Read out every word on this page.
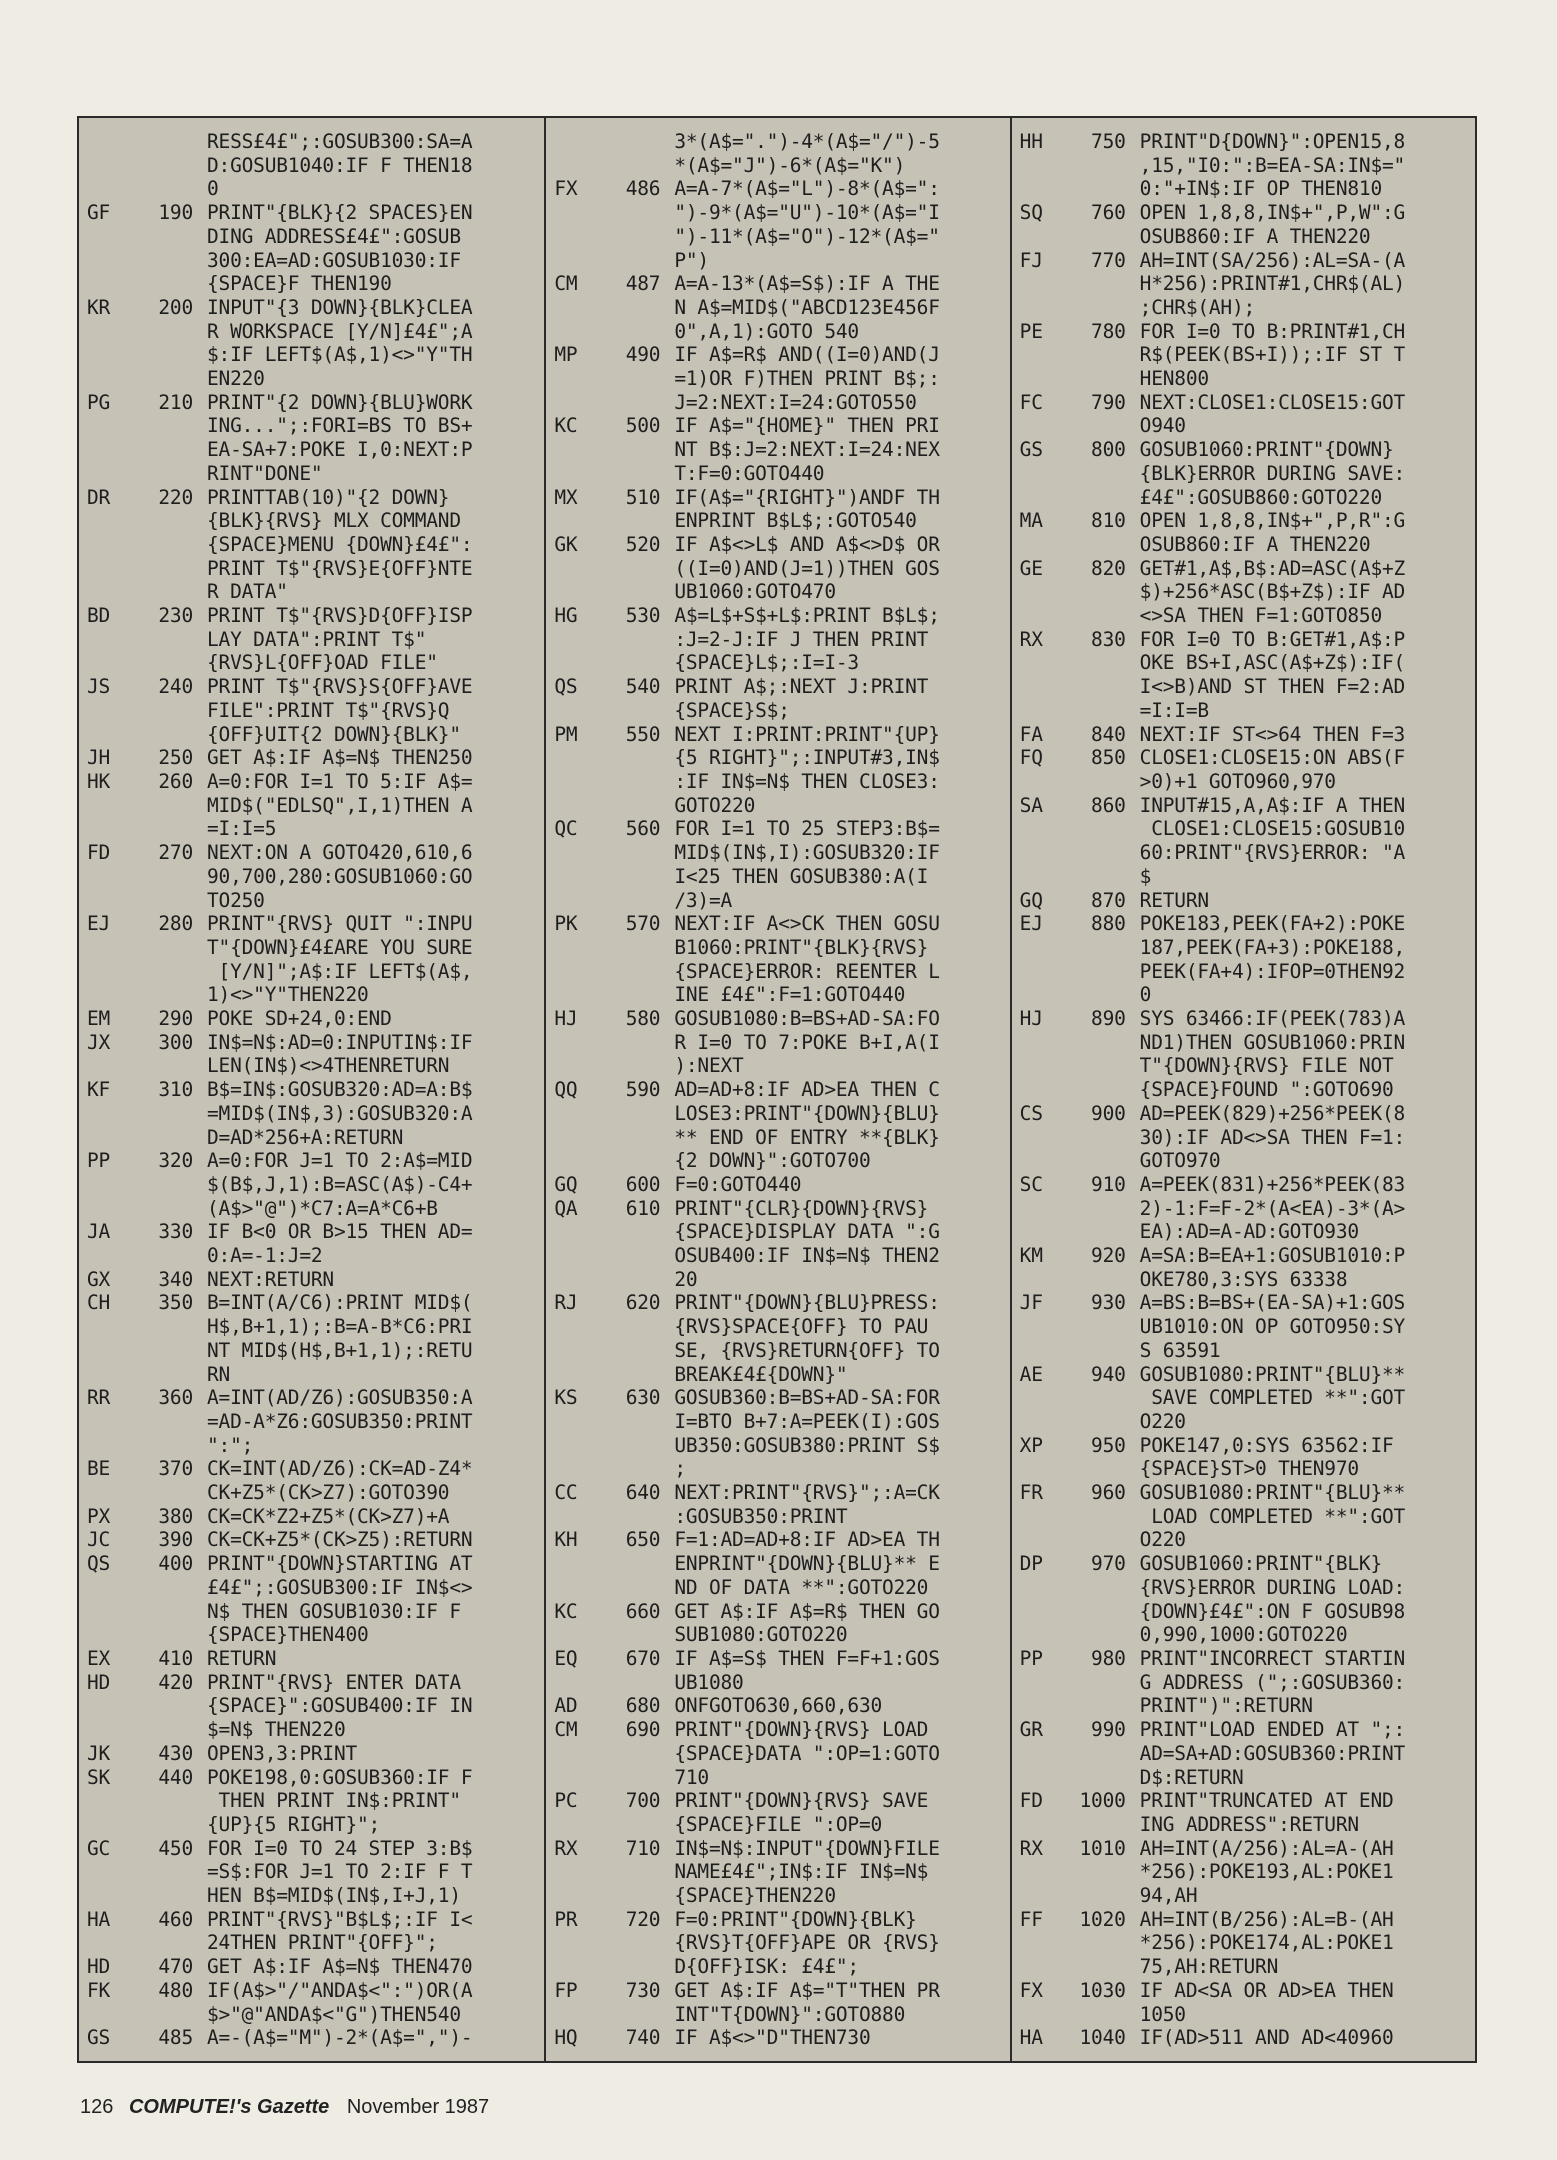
RESS£4£";:GOSUB300:SA=A
D:GOSUB1040:IF F THEN18
0
GF	190 PRINT"{BLK}{2 SPACES}EN
DING ADDRESS£4£":GOSUB
300:EA=AD:GOSUB1030:IF
{SPACE}F THEN190
KR	200 INPUT"{3 DOWN}{BLK}CLEA
R WORKSPACE [Y/N]£4£";A
$:IF LEFT$(A$,1)<>"Y"TH
EN220
PG	210 PRINT"{2 DOWN}{BLU}WORK
ING...";:FORI=BS TO BS+
EA-SA+7:POKE I,0:NEXT:P
RINT"DONE"
DR	220 PRINTTAB(10)"{2 DOWN}
{BLK}{RVS} MLX COMMAND
{SPACE}MENU {DOWN}£4£":
PRINT T$"{RVS}E{OFF}NTE
R DATA"
BD	230 PRINT T$"{RVS}D{OFF}ISP
LAY DATA":PRINT T$"
{RVS}L{OFF}OAD FILE"
JS	240 PRINT T$"{RVS}S{OFF}AVE
FILE":PRINT T$"{RVS}Q
{OFF}UIT{2 DOWN}{BLK}"
JH	250 GET A$:IF A$=N$ THEN250
HK	260 A=0:FOR I=1 TO 5:IF A$=
MID$("EDLSQ",I,1)THEN A
=I:I=5
FD	270 NEXT:ON A GOTO420,610,6
90,700,280:GOSUB1060:GO
TO250
EJ	280 PRINT"{RVS} QUIT ":INPU
T"{DOWN}£4£ARE YOU SURE
[Y/N]";A$:IF LEFT$(A$,
1)<>"Y"THEN220
EM	290 POKE SD+24,0:END
JX	300 IN$=N$:AD=0:INPUTIN$:IF
LEN(IN$)<>4THENRETURN
KF	310 B$=IN$:GOSUB320:AD=A:B$
=MID$(IN$,3):GOSUB320:A
D=AD*256+A:RETURN
PP	320 A=0:FOR J=1 TO 2:A$=MID
$(B$,J,1):B=ASC(A$)-C4+
(A$>"@")*C7:A=A*C6+B
JA	330 IF B<0 OR B>15 THEN AD=
0:A=-1:J=2
GX	340 NEXT:RETURN
CH	350 B=INT(A/C6):PRINT MID$(
H$,B+1,1);:B=A-B*C6:PRI
NT MID$(H$,B+1,1);:RETU
RN
RR	360 A=INT(AD/Z6):GOSUB350:A
=AD-A*Z6:GOSUB350:PRINT
":";
BE	370 CK=INT(AD/Z6):CK=AD-Z4*
CK+Z5*(CK>Z7):GOTO390
PX	380 CK=CK*Z2+Z5*(CK>Z7)+A
JC	390 CK=CK+Z5*(CK>Z5):RETURN
QS	400 PRINT"{DOWN}STARTING AT
£4£";:GOSUB300:IF IN$<>
N$ THEN GOSUB1030:IF F
{SPACE}THEN400
EX	410 RETURN
HD	420 PRINT"{RVS} ENTER DATA
{SPACE}":GOSUB400:IF IN
$=N$ THEN220
JK	430 OPEN3,3:PRINT
SK	440 POKE198,0:GOSUB360:IF F
THEN PRINT IN$:PRINT"
{UP}{5 RIGHT}";
GC	450 FOR I=0 TO 24 STEP 3:B$
=S$:FOR J=1 TO 2:IF F T
HEN B$=MID$(IN$,I+J,1)
HA	460 PRINT"{RVS}"B$L$;:IF I<
24THEN PRINT"{OFF}";
HD	470 GET A$:IF A$=N$ THEN470
FK	480 IF(A$>"/"ANDA$<":")OR(A
$>"@"ANDA$<"G")THEN540
GS	485 A=-(A$="M")-2*(A$=",")-
3*(A$=".")-4*(A$="/")-5
*(A$="J")-6*(A$="K")
FX	486 A=A-7*(A$="L")-8*(A$=":
")-9*(A$="U")-10*(A$="I
")-11*(A$="O")-12*(A$="
P")
CM	487 A=A-13*(A$=S$):IF A THE
N A$=MID$("ABCD123E456F
0",A,1):GOTO 540
MP	490 IF A$=R$ AND((I=0)AND(J
=1)OR F)THEN PRINT B$;:
J=2:NEXT:I=24:GOTO550
KC	500 IF A$="{HOME}" THEN PRI
NT B$:J=2:NEXT:I=24:NEX
T:F=0:GOTO440
MX	510 IF(A$="{RIGHT}")ANDF TH
ENPRINT B$L$;:GOTO540
GK	520 IF A$<>L$ AND A$<>D$ OR
((I=0)AND(J=1))THEN GOS
UB1060:GOTO470
HG	530 A$=L$+S$+L$:PRINT B$L$;
:J=2-J:IF J THEN PRINT
{SPACE}L$;:I=I-3
QS	540 PRINT A$;:NEXT J:PRINT
{SPACE}S$;
PM	550 NEXT I:PRINT:PRINT"{UP}
{5 RIGHT}";:INPUT#3,IN$
:IF IN$=N$ THEN CLOSE3:
GOTO220
QC	560 FOR I=1 TO 25 STEP3:B$=
MID$(IN$,I):GOSUB320:IF
I<25 THEN GOSUB380:A(I
/3)=A
PK	570 NEXT:IF A<>CK THEN GOSU
B1060:PRINT"{BLK}{RVS}
{SPACE}ERROR: REENTER L
INE £4£":F=1:GOTO440
HJ	580 GOSUB1080:B=BS+AD-SA:FO
R I=0 TO 7:POKE B+I,A(I
):NEXT
QQ	590 AD=AD+8:IF AD>EA THEN C
LOSE3:PRINT"{DOWN}{BLU}
** END OF ENTRY **{BLK}
{2 DOWN}":GOTO700
GQ	600 F=0:GOTO440
QA	610 PRINT"{CLR}{DOWN}{RVS}
{SPACE}DISPLAY DATA ":G
OSUB400:IF IN$=N$ THEN2
20
RJ	620 PRINT"{DOWN}{BLU}PRESS:
{RVS}SPACE{OFF} TO PAU
SE, {RVS}RETURN{OFF} TO
BREAK£4£{DOWN}"
KS	630 GOSUB360:B=BS+AD-SA:FOR
I=BTO B+7:A=PEEK(I):GOS
UB350:GOSUB380:PRINT S$
;
CC	640 NEXT:PRINT"{RVS}";:A=CK
:GOSUB350:PRINT
KH	650 F=1:AD=AD+8:IF AD>EA TH
ENPRINT"{DOWN}{BLU}** E
ND OF DATA **":GOTO220
KC	660 GET A$:IF A$=R$ THEN GO
SUB1080:GOTO220
EQ	670 IF A$=S$ THEN F=F+1:GOS
UB1080
AD	680 ONFGOTO630,660,630
CM	690 PRINT"{DOWN}{RVS} LOAD
{SPACE}DATA ":OP=1:GOTO
710
PC	700 PRINT"{DOWN}{RVS} SAVE
{SPACE}FILE ":OP=0
RX	710 IN$=N$:INPUT"{DOWN}FILE
NAME£4£";IN$:IF IN$=N$
{SPACE}THEN220
PR	720 F=0:PRINT"{DOWN}{BLK}
{RVS}T{OFF}APE OR {RVS}
D{OFF}ISK: £4£";
FP	730 GET A$:IF A$="T"THEN PR
INT"T{DOWN}":GOTO880
HQ	740 IF A$<>"D"THEN730
HH	750 PRINT"D{DOWN}":OPEN15,8
,15,"I0:":B=EA-SA:IN$="
0:"+IN$:IF OP THEN810
SQ	760 OPEN 1,8,8,IN$+",P,W":G
OSUB860:IF A THEN220
FJ	770 AH=INT(SA/256):AL=SA-(A
H*256):PRINT#1,CHR$(AL)
;CHR$(AH);
PE	780 FOR I=0 TO B:PRINT#1,CH
R$(PEEK(BS+I));:IF ST T
HEN800
FC	790 NEXT:CLOSE1:CLOSE15:GOT
O940
GS	800 GOSUB1060:PRINT"{DOWN}
{BLK}ERROR DURING SAVE:
£4£":GOSUB860:GOTO220
MA	810 OPEN 1,8,8,IN$+",P,R":G
OSUB860:IF A THEN220
GE	820 GET#1,A$,B$:AD=ASC(A$+Z
$)+256*ASC(B$+Z$):IF AD
<>SA THEN F=1:GOTO850
RX	830 FOR I=0 TO B:GET#1,A$:P
OKE BS+I,ASC(A$+Z$):IF(
I<>B)AND ST THEN F=2:AD
=I:I=B
FA	840 NEXT:IF ST<>64 THEN F=3
FQ	850 CLOSE1:CLOSE15:ON ABS(F
>0)+1 GOTO960,970
SA	860 INPUT#15,A,A$:IF A THEN
CLOSE1:CLOSE15:GOSUB10
60:PRINT"{RVS}ERROR: "A
$
GQ	870 RETURN
EJ	880 POKE183,PEEK(FA+2):POKE
187,PEEK(FA+3):POKE188,
PEEK(FA+4):IFOP=0THEN92
0
HJ	890 SYS 63466:IF(PEEK(783)A
ND1)THEN GOSUB1060:PRIN
T"{DOWN}{RVS} FILE NOT
{SPACE}FOUND ":GOTO690
CS	900 AD=PEEK(829)+256*PEEK(8
30):IF AD<>SA THEN F=1:
GOTO970
SC	910 A=PEEK(831)+256*PEEK(83
2)-1:F=F-2*(A<EA)-3*(A>
EA):AD=A-AD:GOTO930
KM	920 A=SA:B=EA+1:GOSUB1010:P
OKE780,3:SYS 63338
JF	930 A=BS:B=BS+(EA-SA)+1:GOS
UB1010:ON OP GOTO950:SY
S 63591
AE	940 GOSUB1080:PRINT"{BLU}**
SAVE COMPLETED **":GOT
O220
XP	950 POKE147,0:SYS 63562:IF
{SPACE}ST>0 THEN970
FR	960 GOSUB1080:PRINT"{BLU}**
LOAD COMPLETED **":GOT
O220
DP	970 GOSUB1060:PRINT"{BLK}
{RVS}ERROR DURING LOAD:
{DOWN}£4£":ON F GOSUB98
0,990,1000:GOTO220
PP	980 PRINT"INCORRECT STARTIN
G ADDRESS (";:GOSUB360:
PRINT")":RETURN
GR	990 PRINT"LOAD ENDED AT ";:
AD=SA+AD:GOSUB360:PRINT
D$:RETURN
FD	1000 PRINT"TRUNCATED AT END
ING ADDRESS":RETURN
RX	1010 AH=INT(A/256):AL=A-(AH
*256):POKE193,AL:POKE1
94,AH
FF	1020 AH=INT(B/256):AL=B-(AH
*256):POKE174,AL:POKE1
75,AH:RETURN
FX	1030 IF AD<SA OR AD>EA THEN
1050
HA	1040 IF(AD>511 AND AD<40960
126 COMPUTE!'s Gazette November 1987
